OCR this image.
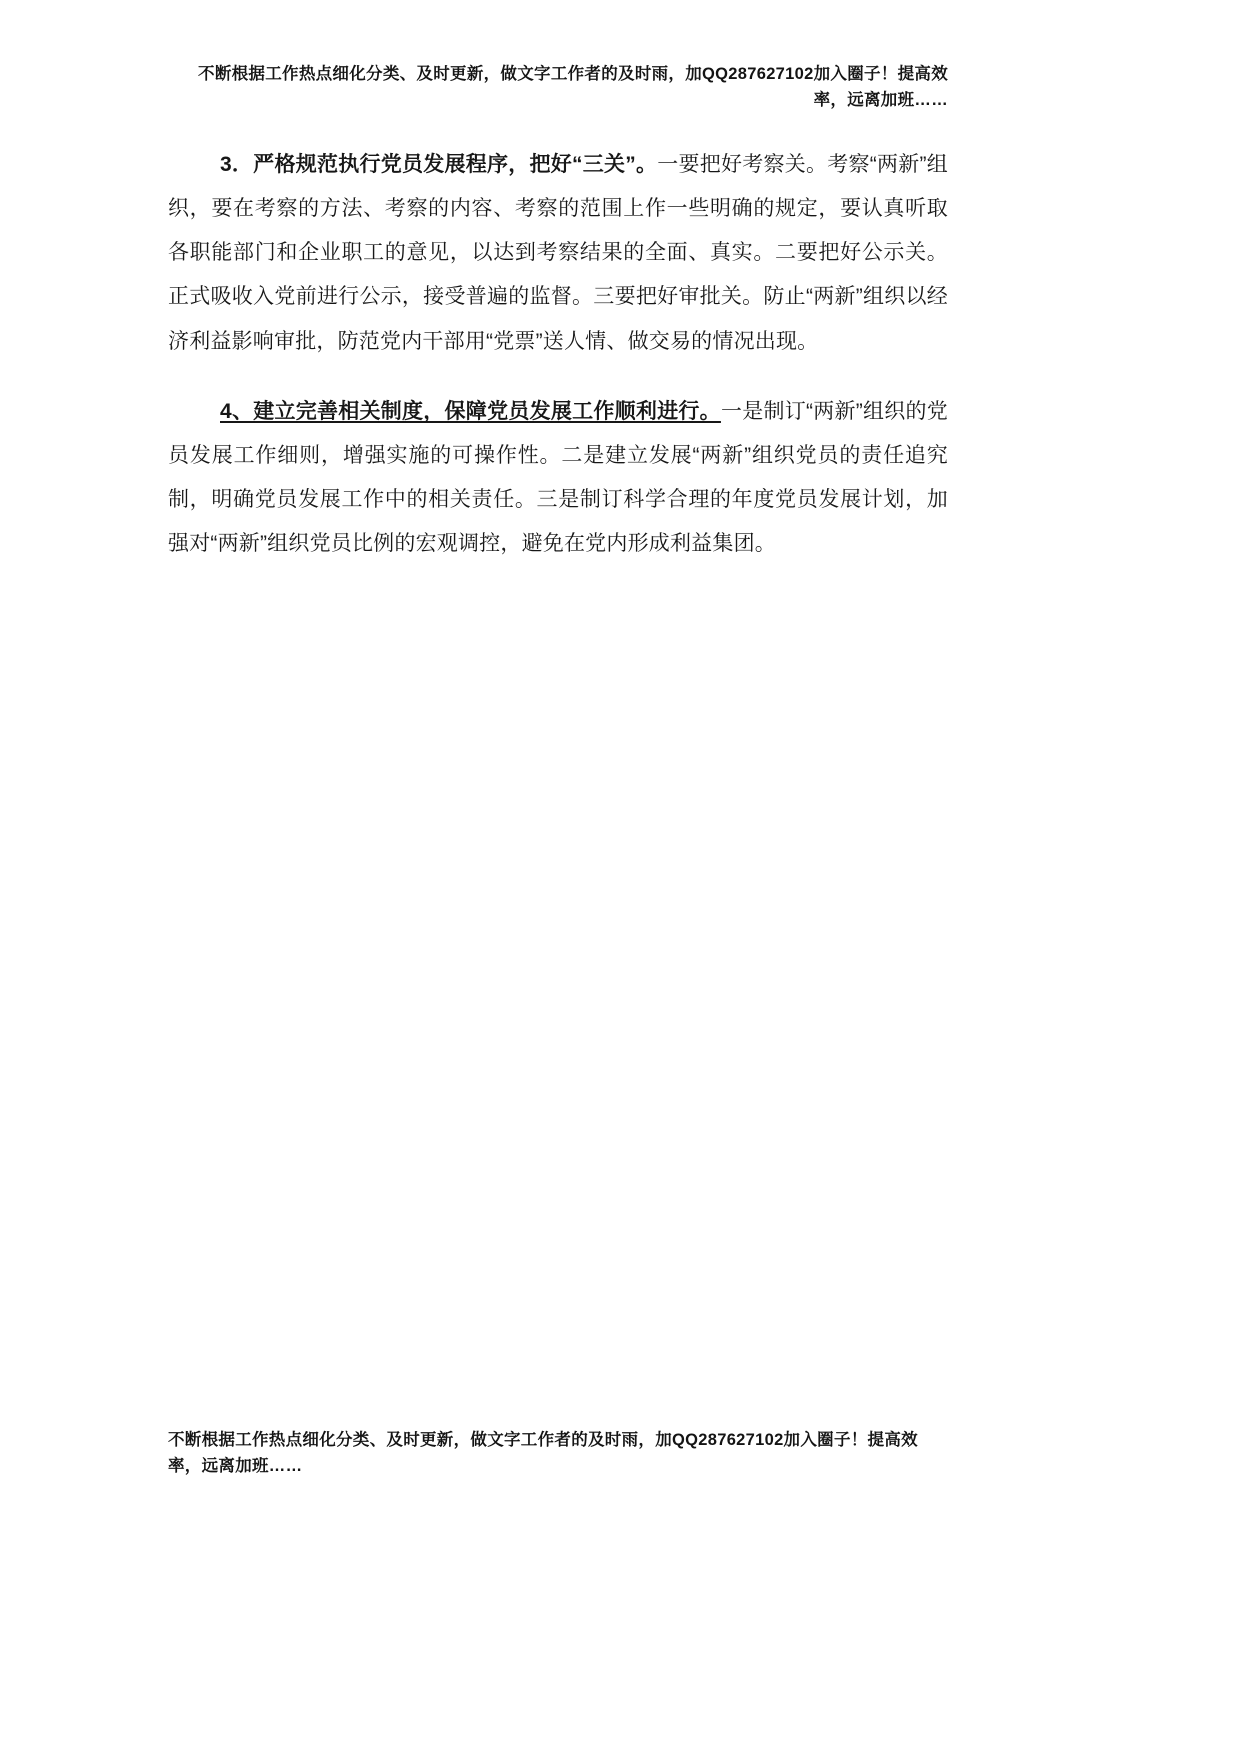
不断根据工作热点细化分类、及时更新，做文字工作者的及时雨，加QQ287627102加入圈子！提高效率，远离加班……

3．严格规范执行党员发展程序，把好“三关”。一要把好考察关。考察“两新”组织，要在考察的方法、考察的内容、考察的范围上作一些明确的规定，要认真听取各职能部门和企业职工的意见，以达到考察结果的全面、真实。二要把好公示关。正式吸收入党前进行公示，接受普遍的监督。三要把好审批关。防止“两新”组织以经济利益影响审批，防范党内干部用“党票”送人情、做交易的情况出现。

4、建立完善相关制度，保障党员发展工作顺利进行。一是制订“两新”组织的党员发展工作细则，增强实施的可操作性。二是建立发展“两新”组织党员的责任追究制，明确党员发展工作中的相关责任。三是制订科学合理的年度党员发展计划，加强对“两新”组织党员比例的宏观调控，避免在党内形成利益集团。

不断根据工作热点细化分类、及时更新，做文字工作者的及时雨，加QQ287627102加入圈子！提高效率，远离加班……
